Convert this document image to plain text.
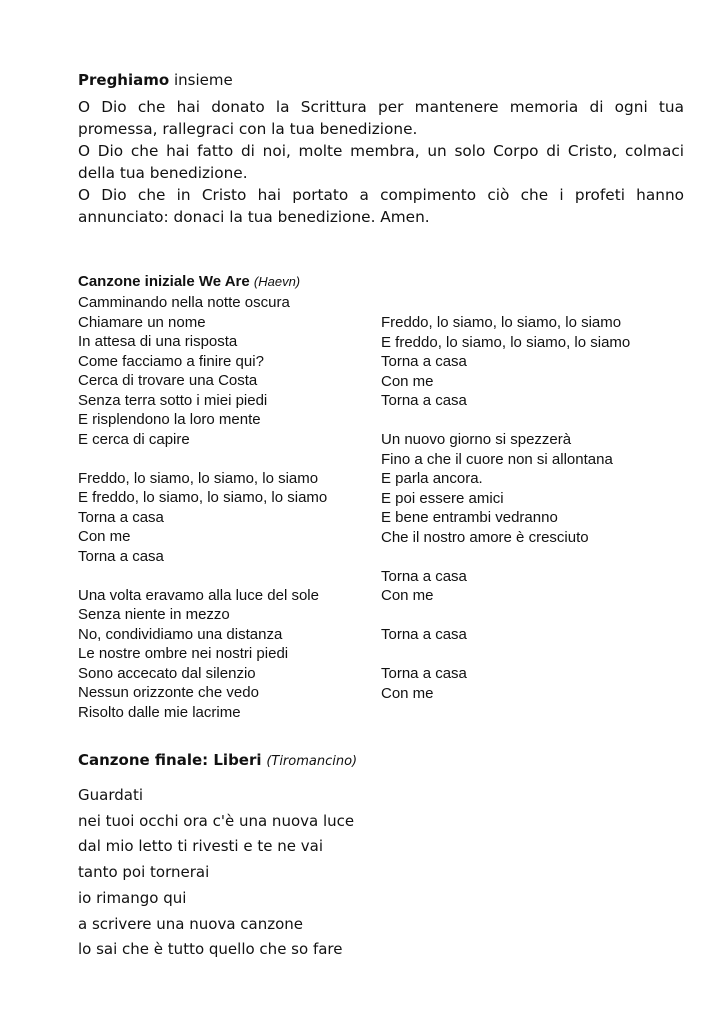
Preghiamo insieme

O Dio che hai donato la Scrittura per mantenere memoria di ogni tua promessa, rallegraci con la tua benedizione.

O Dio che hai fatto di noi, molte membra, un solo Corpo di Cristo, colmaci della tua benedizione.

O Dio che in Cristo hai portato a compimento ciò che i profeti hanno annunciato: donaci la tua benedizione. Amen.

Canzone iniziale We Are (Haevn)
Camminando nella notte oscura
Chiamare un nome
In attesa di una risposta
Come facciamo a finire qui?
Cerca di trovare una Costa
Senza terra sotto i miei piedi
E risplendono la loro mente
E cerca di capire
Freddo, lo siamo, lo siamo, lo siamo
E freddo, lo siamo, lo siamo, lo siamo
Torna a casa
Con me
Torna a casa
Una volta eravamo alla luce del sole
Senza niente in mezzo
No, condividiamo una distanza
Le nostre ombre nei nostri piedi
Sono accecato dal silenzio
Nessun orizzonte che vedo
Risolto dalle mie lacrime
Freddo, lo siamo, lo siamo, lo siamo
E freddo, lo siamo, lo siamo, lo siamo
Torna a casa
Con me
Torna a casa
Un nuovo giorno si spezzerà
Fino a che il cuore non si allontana
E parla ancora.
E poi essere amici
E bene entrambi vedranno
Che il nostro amore è cresciuto
Torna a casa
Con me
Torna a casa
Torna a casa
Con me
Canzone finale: Liberi (Tiromancino)
Guardati
nei tuoi occhi ora c'è una nuova luce
dal mio letto ti rivesti e te ne vai
tanto poi tornerai
io rimango qui
a scrivere una nuova canzone
lo sai che è tutto quello che so fare
